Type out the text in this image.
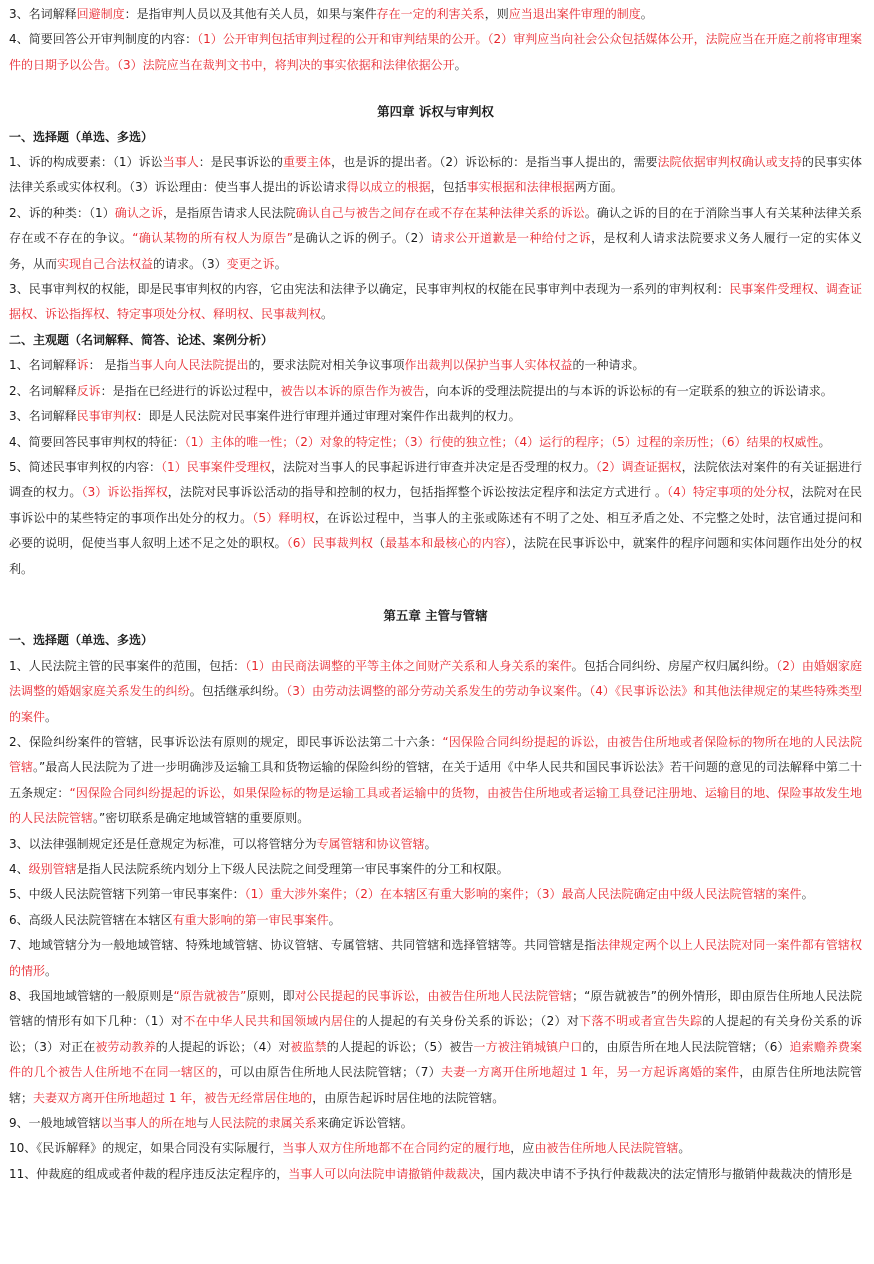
3、名词解释回避制度：是指审判人员以及其他有关人员，如果与案件存在一定的利害关系，则应当退出案件审理的制度。

4、简要回答公开审判制度的内容：（1）公开审判包括审判过程的公开和审判结果的公开。（2）审判应当向社会公众包括媒体公开，法院应当在开庭之前将审理案件的日期予以公告。（3）法院应当在裁判文书中，将判决的事实依据和法律依据公开。

第四章 诉权与审判权
一、选择题（单选、多选）

1、诉的构成要素：（1）诉讼当事人：是民事诉讼的重要主体，也是诉的提出者。（2）诉讼标的：是指当事人提出的，需要法院依据审判权确认或支持的民事实体法律关系或实体权利。（3）诉讼理由：使当事人提出的诉讼请求得以成立的根据，包括事实根据和法律根据两方面。

2、诉的种类：（1）确认之诉，是指原告请求人民法院确认自己与被告之间存在或不存在某种法律关系的诉讼。确认之诉的目的在于消除当事人有关某种法律关系存在或不存在的争议。“确认某物的所有权人为原告”是确认之诉的例子。（2）请求公开道歉是一种给付之诉，是权利人请求法院要求义务人履行一定的实体义务，从而实现自己合法权益的请求。（3）变更之诉。

3、民事审判权的权能，即是民事审判权的内容，它由宪法和法律予以确定，民事审判权的权能在民事审判中表现为一系列的审判权利：民事案件受理权、调查证据权、诉讼指挥权、特定事项处分权、释明权、民事裁判权。

二、主观题（名词解释、简答、论述、案例分析）

1、名词解释诉： 是指当事人向人民法院提出的，要求法院对相关争议事项作出裁判以保护当事人实体权益的一种请求。

2、名词解释反诉：是指在已经进行的诉讼过程中，被告以本诉的原告作为被告，向本诉的受理法院提出的与本诉的诉讼标的有一定联系的独立的诉讼请求。

3、名词解释民事审判权：即是人民法院对民事案件进行审理并通过审理对案件作出裁判的权力。

4、简要回答民事审判权的特征：（1）主体的唯一性；（2）对象的特定性；（3）行使的独立性；（4）运行的程序；（5）过程的亲历性；（6）结果的权威性。

5、简述民事审判权的内容：（1）民事案件受理权，法院对当事人的民事起诉进行审查并决定是否受理的权力。（2）调查证据权，法院依法对案件的有关证据进行调查的权力。（3）诉讼指挥权，法院对民事诉讼活动的指导和控制的权力，包括指挥整个诉讼按法定程序和法定方式进行 。（4）特定事项的处分权，法院对在民事诉讼中的某些特定的事项作出处分的权力。（5）释明权，在诉讼过程中，当事人的主张或陈述有不明了之处、相互矛盾之处、不完整之处时，法官通过提问和必要的说明，促使当事人叙明上述不足之处的职权。（6）民事裁判权（最基本和最核心的内容），法院在民事诉讼中，就案件的程序问题和实体问题作出处分的权利。

第五章 主管与管辖
一、选择题（单选、多选）

1、人民法院主管的民事案件的范围，包括：（1）由民商法调整的平等主体之间财产关系和人身关系的案件。包括合同纠纷、房屋产权归属纠纷。（2）由婚姻家庭法调整的婚姻家庭关系发生的纠纷。包括继承纠纷。（3）由劳动法调整的部分劳动关系发生的劳动争议案件。（4）《民事诉讼法》和其他法律规定的某些特殊类型的案件。

2、保险纠纷案件的管辖，民事诉讼法有原则的规定，即民事诉讼法第二十六条：“因保险合同纠纷提起的诉讼，由被告住所地或者保险标的物所在地的人民法院管辖。”最高人民法院为了进一步明确涉及运输工具和货物运输的保险纠纷的管辖，在关于适用《中华人民共和国民事诉讼法》若干问题的意见的司法解释中第二十五条规定：“因保险合同纠纷提起的诉讼，如果保险标的物是运输工具或者运输中的货物，由被告住所地或者运输工具登记注册地、运输目的地、保险事故发生地的人民法院管辖。”密切联系是确定地域管辖的重要原则。

3、以法律强制规定还是任意规定为标准，可以将管辖分为专属管辖和协议管辖。

4、级别管辖是指人民法院系统内划分上下级人民法院之间受理第一审民事案件的分工和权限。

5、中级人民法院管辖下列第一审民事案件：（1）重大涉外案件；（2）在本辖区有重大影响的案件；（3）最高人民法院确定由中级人民法院管辖的案件。

6、高级人民法院管辖在本辖区有重大影响的第一审民事案件。

7、地域管辖分为一般地域管辖、特殊地域管辖、协议管辖、专属管辖、共同管辖和选择管辖等。共同管辖是指法律规定两个以上人民法院对同一案件都有管辖权的情形。

8、我国地域管辖的一般原则是“原告就被告”原则，即对公民提起的民事诉讼，由被告住所地人民法院管辖；“原告就被告”的例外情形，即由原告住所地人民法院管辖的情形有如下几种：（1）对不在中华人民共和国领域内居住的人提起的有关身份关系的诉讼；（2）对下落不明或者宣告失踪的人提起的有关身份关系的诉讼；（3）对正在被劳动教养的人提起的诉讼；（4）对被监禁的人提起的诉讼；（5）被告一方被注销城镇户口的，由原告所在地人民法院管辖；（6）追索赡养费案件的几个被告人住所地不在同一辖区的，可以由原告住所地人民法院管辖；（7）夫妻一方离开住所地超过 1 年，另一方起诉离婚的案件，由原告住所地法院管辖；夫妻双方离开住所地超过 1 年，被告无经常居住地的，由原告起诉时居住地的法院管辖。

9、一般地域管辖以当事人的所在地与人民法院的隶属关系来确定诉讼管辖。

10、《民诉解释》的规定，如果合同没有实际履行，当事人双方住所地都不在合同约定的履行地，应由被告住所地人民法院管辖。

11、仲裁庭的组成或者仲裁的程序违反法定程序的，当事人可以向法院申请撤销仲裁裁决，国内裁决申请不予执行仲裁裁决的法定情形与撤销仲裁裁决的情形是
